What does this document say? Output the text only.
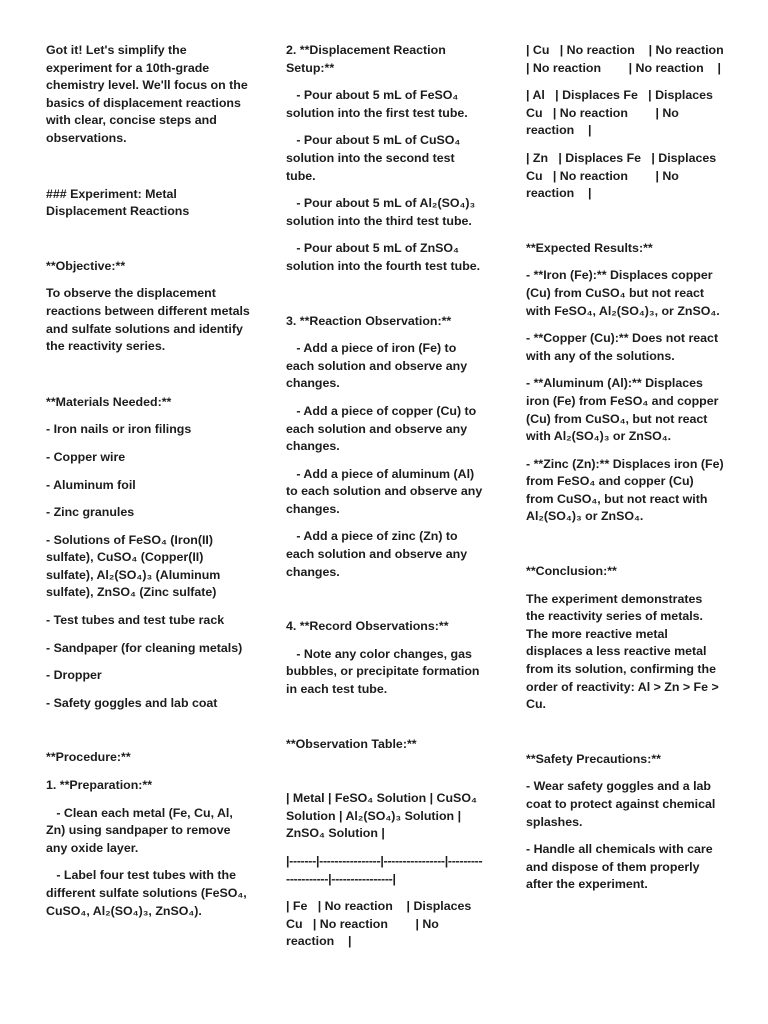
Got it! Let's simplify the experiment for a 10th-grade chemistry level. We'll focus on the basics of displacement reactions with clear, concise steps and observations.

### Experiment: Metal Displacement Reactions

**Objective:**

To observe the displacement reactions between different metals and sulfate solutions and identify the reactivity series.

**Materials Needed:**

- Iron nails or iron filings

- Copper wire

- Aluminum foil

- Zinc granules

- Solutions of FeSO₄ (Iron(II) sulfate), CuSO₄ (Copper(II) sulfate), Al₂(SO₄)₃ (Aluminum sulfate), ZnSO₄ (Zinc sulfate)

- Test tubes and test tube rack

- Sandpaper (for cleaning metals)

- Dropper

- Safety goggles and lab coat

**Procedure:**

1. **Preparation:**

- Clean each metal (Fe, Cu, Al, Zn) using sandpaper to remove any oxide layer.

- Label four test tubes with the different sulfate solutions (FeSO₄, CuSO₄, Al₂(SO₄)₃, ZnSO₄).

2. **Displacement Reaction Setup:**

- Pour about 5 mL of FeSO₄ solution into the first test tube.

- Pour about 5 mL of CuSO₄ solution into the second test tube.

- Pour about 5 mL of Al₂(SO₄)₃ solution into the third test tube.

- Pour about 5 mL of ZnSO₄ solution into the fourth test tube.

3. **Reaction Observation:**

- Add a piece of iron (Fe) to each solution and observe any changes.

- Add a piece of copper (Cu) to each solution and observe any changes.

- Add a piece of aluminum (Al) to each solution and observe any changes.

- Add a piece of zinc (Zn) to each solution and observe any changes.

4. **Record Observations:**

- Note any color changes, gas bubbles, or precipitate formation in each test tube.

**Observation Table:**

| Metal | FeSO₄ Solution | CuSO₄ Solution | Al₂(SO₄)₃ Solution | ZnSO₄ Solution |

|-------|----------------|----------------|--------------------|----------------|

| Fe   | No reaction    | Displaces Cu   | No reaction        | No reaction    |

| Cu   | No reaction    | No reaction    | No reaction        | No reaction    |

| Al   | Displaces Fe   | Displaces Cu   | No reaction        | No reaction    |

| Zn   | Displaces Fe   | Displaces Cu   | No reaction        | No reaction    |

**Expected Results:**

- **Iron (Fe):** Displaces copper (Cu) from CuSO₄ but not react with FeSO₄, Al₂(SO₄)₃, or ZnSO₄.

- **Copper (Cu):** Does not react with any of the solutions.

- **Aluminum (Al):** Displaces iron (Fe) from FeSO₄ and copper (Cu) from CuSO₄, but not react with Al₂(SO₄)₃ or ZnSO₄.

- **Zinc (Zn):** Displaces iron (Fe) from FeSO₄ and copper (Cu) from CuSO₄, but not react with Al₂(SO₄)₃ or ZnSO₄.

**Conclusion:**

The experiment demonstrates the reactivity series of metals. The more reactive metal displaces a less reactive metal from its solution, confirming the order of reactivity: Al > Zn > Fe > Cu.

**Safety Precautions:**

- Wear safety goggles and a lab coat to protect against chemical splashes.

- Handle all chemicals with care and dispose of them properly after the experiment.
